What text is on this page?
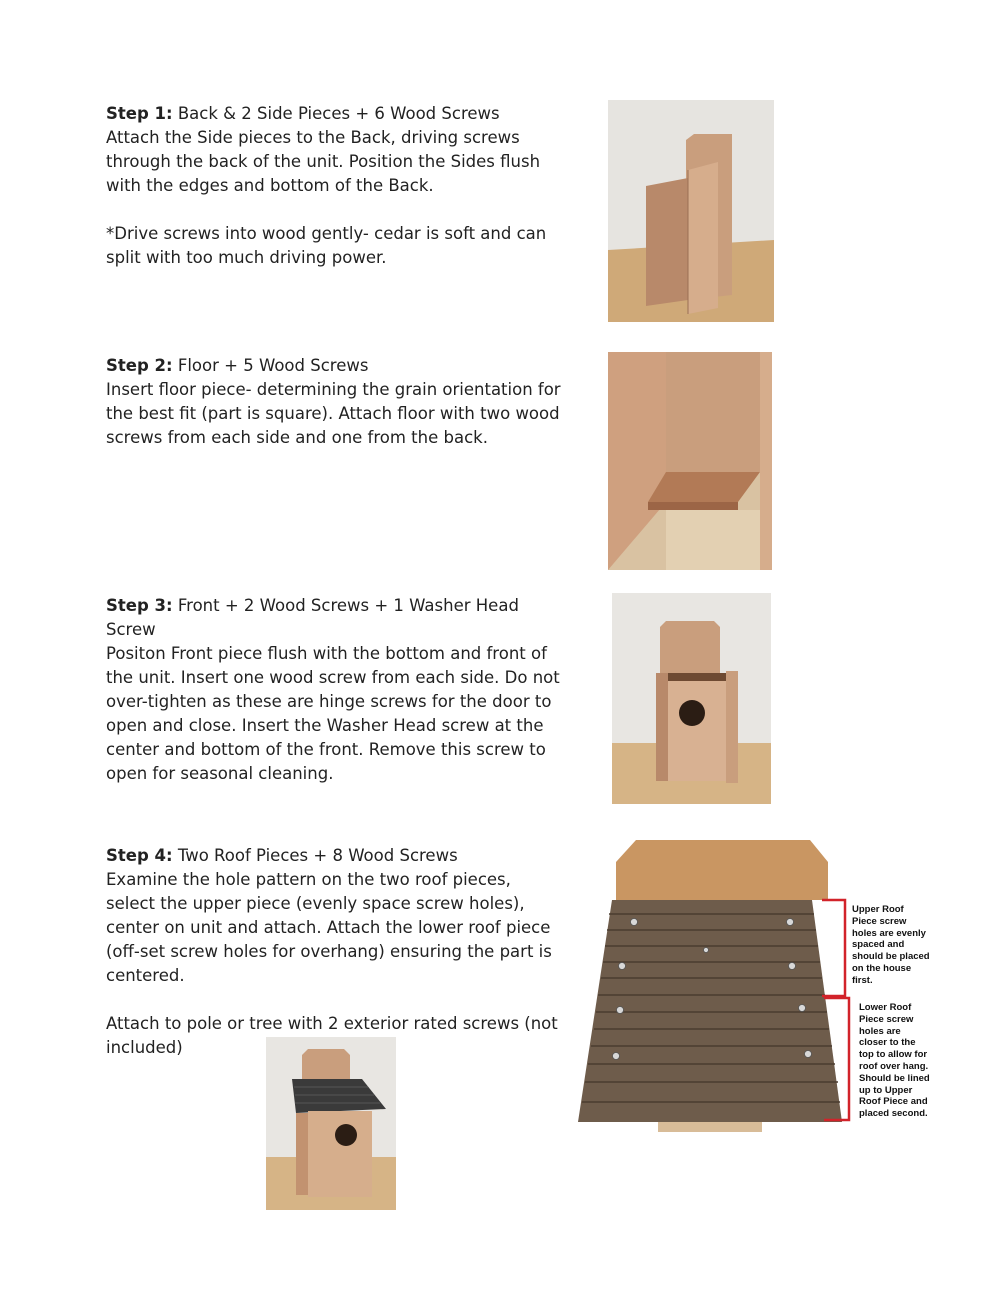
Step 1: Back & 2 Side Pieces + 6 Wood Screws
Attach the Side pieces to the Back, driving screws through the back of the unit. Position the Sides flush with the edges and bottom of the Back.
*Drive screws into wood gently- cedar is soft and can split with too much driving power.
Step 2: Floor + 5 Wood Screws
Insert floor piece- determining the grain orientation for the best fit (part is square). Attach floor with two wood screws from each side and one from the back.
Step 3: Front + 2 Wood Screws + 1 Washer Head Screw
Positon Front piece flush with the bottom and front of the unit. Insert one wood screw from each side. Do not over-tighten as these are hinge screws for the door to open and close. Insert the Washer Head screw at the center and bottom of the front. Remove this screw to open for seasonal cleaning.
Step 4: Two Roof Pieces + 8 Wood Screws
Examine the hole pattern on the two roof pieces, select the upper piece (evenly space screw holes), center on unit and attach. Attach the lower roof piece (off-set screw holes for overhang) ensuring the part is centered.
Attach to pole or tree with 2 exterior rated screws (not included)
Upper Roof Piece screw holes are evenly spaced and should be placed on the house first.
Lower Roof Piece screw holes are closer to the top to allow for roof over hang. Should be lined up to Upper Roof Piece and placed second.
